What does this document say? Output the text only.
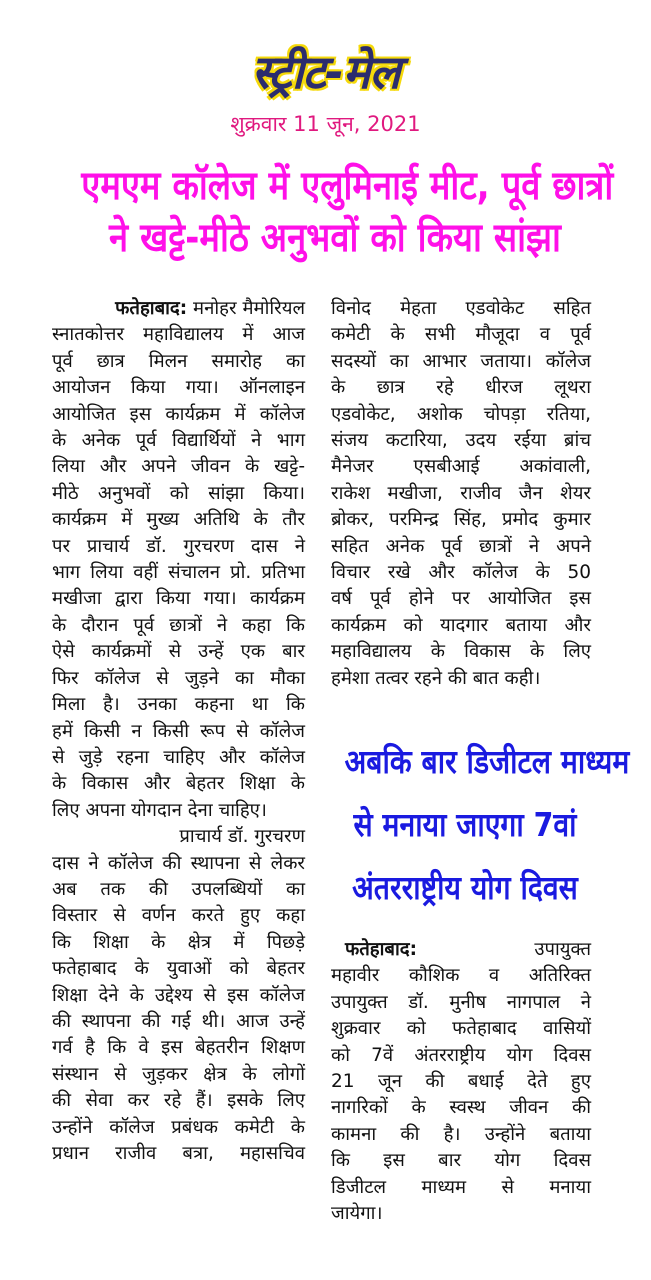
स्ट्रीट-मेल
शुक्रवार 11 जून, 2021
एमएम कॉलेज में एलुमिनाई मीट, पूर्व छात्रों
ने खट्टे-मीठे अनुभवों को किया सांझा
फतेहाबाद: मनोहर मैमोरियल
स्नातकोत्तर महाविद्यालय में आज
पूर्व छात्र मिलन समारोह का
आयोजन किया गया। ऑनलाइन
आयोजित इस कार्यक्रम में कॉलेज
के अनेक पूर्व विद्यार्थियों ने भाग
लिया और अपने जीवन के खट्टे-
मीठे अनुभवों को सांझा किया।
कार्यक्रम में मुख्य अतिथि के तौर
पर प्राचार्य डॉ. गुरचरण दास ने
भाग लिया वहीं संचालन प्रो. प्रतिभा
मखीजा द्वारा किया गया। कार्यक्रम
के दौरान पूर्व छात्रों ने कहा कि
ऐसे कार्यक्रमों से उन्हें एक बार
फिर कॉलेज से जुड़ने का मौका
मिला है। उनका कहना था कि
हमें किसी न किसी रूप से कॉलेज
से जुड़े रहना चाहिए और कॉलेज
के विकास और बेहतर शिक्षा के
लिए अपना योगदान देना चाहिए।
प्राचार्य डॉ. गुरचरण
दास ने कॉलेज की स्थापना से लेकर
अब तक की उपलब्धियों का
विस्तार से वर्णन करते हुए कहा
कि शिक्षा के क्षेत्र में पिछड़े
फतेहाबाद के युवाओं को बेहतर
शिक्षा देने के उद्देश्य से इस कॉलेज
की स्थापना की गई थी। आज उन्हें
गर्व है कि वे इस बेहतरीन शिक्षण
संस्थान से जुड़कर क्षेत्र के लोगों
की सेवा कर रहे हैं। इसके लिए
उन्होंने कॉलेज प्रबंधक कमेटी के
प्रधान राजीव बत्रा, महासचिव
विनोद मेहता एडवोकेट सहित
कमेटी के सभी मौजूदा व पूर्व
सदस्यों का आभार जताया। कॉलेज
के छात्र रहे धीरज लूथरा
एडवोकेट, अशोक चोपड़ा रतिया,
संजय कटारिया, उदय रईया ब्रांच
मैनेजर एसबीआई अकांवाली,
राकेश मखीजा, राजीव जैन शेयर
ब्रोकर, परमिन्द्र सिंह, प्रमोद कुमार
सहित अनेक पूर्व छात्रों ने अपने
विचार रखे और कॉलेज के 50
वर्ष पूर्व होने पर आयोजित इस
कार्यक्रम को यादगार बताया और
महाविद्यालय के विकास के लिए
हमेशा तत्वर रहने की बात कही।
अबकि बार डिजीटल माध्यम
से मनाया जाएगा 7वां
अंतरराष्ट्रीय योग दिवस
फतेहाबाद:	उपायुक्त
महावीर कौशिक व अतिरिक्त
उपायुक्त डॉ. मुनीष नागपाल ने
शुक्रवार को फतेहाबाद वासियों
को 7वें अंतरराष्ट्रीय योग दिवस
21 जून की बधाई देते हुए
नागरिकों के स्वस्थ जीवन की
कामना की है। उन्होंने बताया
कि इस बार योग दिवस
डिजीटल माध्यम से मनाया
जायेगा।
